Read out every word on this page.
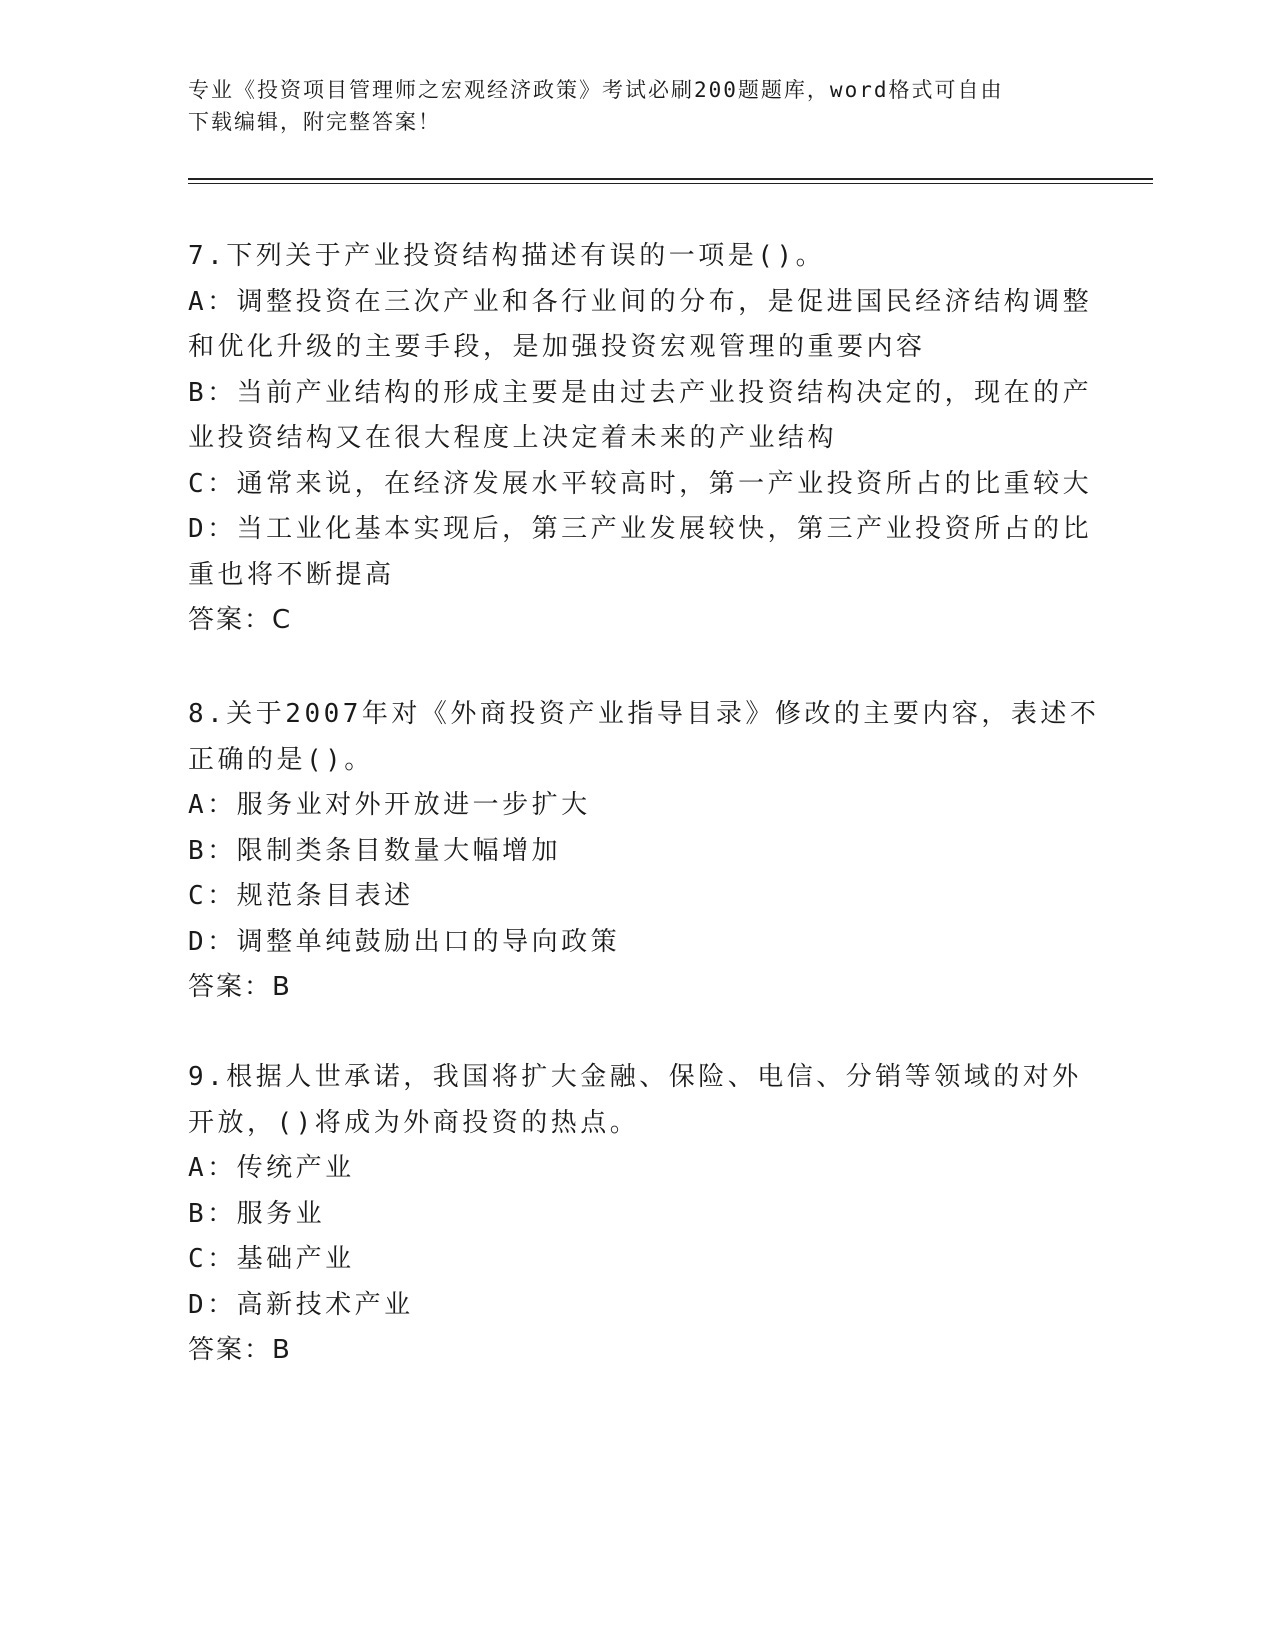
专业《投资项目管理师之宏观经济政策》考试必刷200题题库，word格式可自由
下载编辑，附完整答案！
7.下列关于产业投资结构描述有误的一项是()。
A：调整投资在三次产业和各行业间的分布，是促进国民经济结构调整
和优化升级的主要手段，是加强投资宏观管理的重要内容
B：当前产业结构的形成主要是由过去产业投资结构决定的，现在的产
业投资结构又在很大程度上决定着未来的产业结构
C：通常来说，在经济发展水平较高时，第一产业投资所占的比重较大
D：当工业化基本实现后，第三产业发展较快，第三产业投资所占的比
重也将不断提高
答案：C
8.关于2007年对《外商投资产业指导目录》修改的主要内容，表述不
正确的是()。
A：服务业对外开放进一步扩大
B：限制类条目数量大幅增加
C：规范条目表述
D：调整单纯鼓励出口的导向政策
答案：B
9.根据人世承诺，我国将扩大金融、保险、电信、分销等领域的对外
开放，()将成为外商投资的热点。
A：传统产业
B：服务业
C：基础产业
D：高新技术产业
答案：B
